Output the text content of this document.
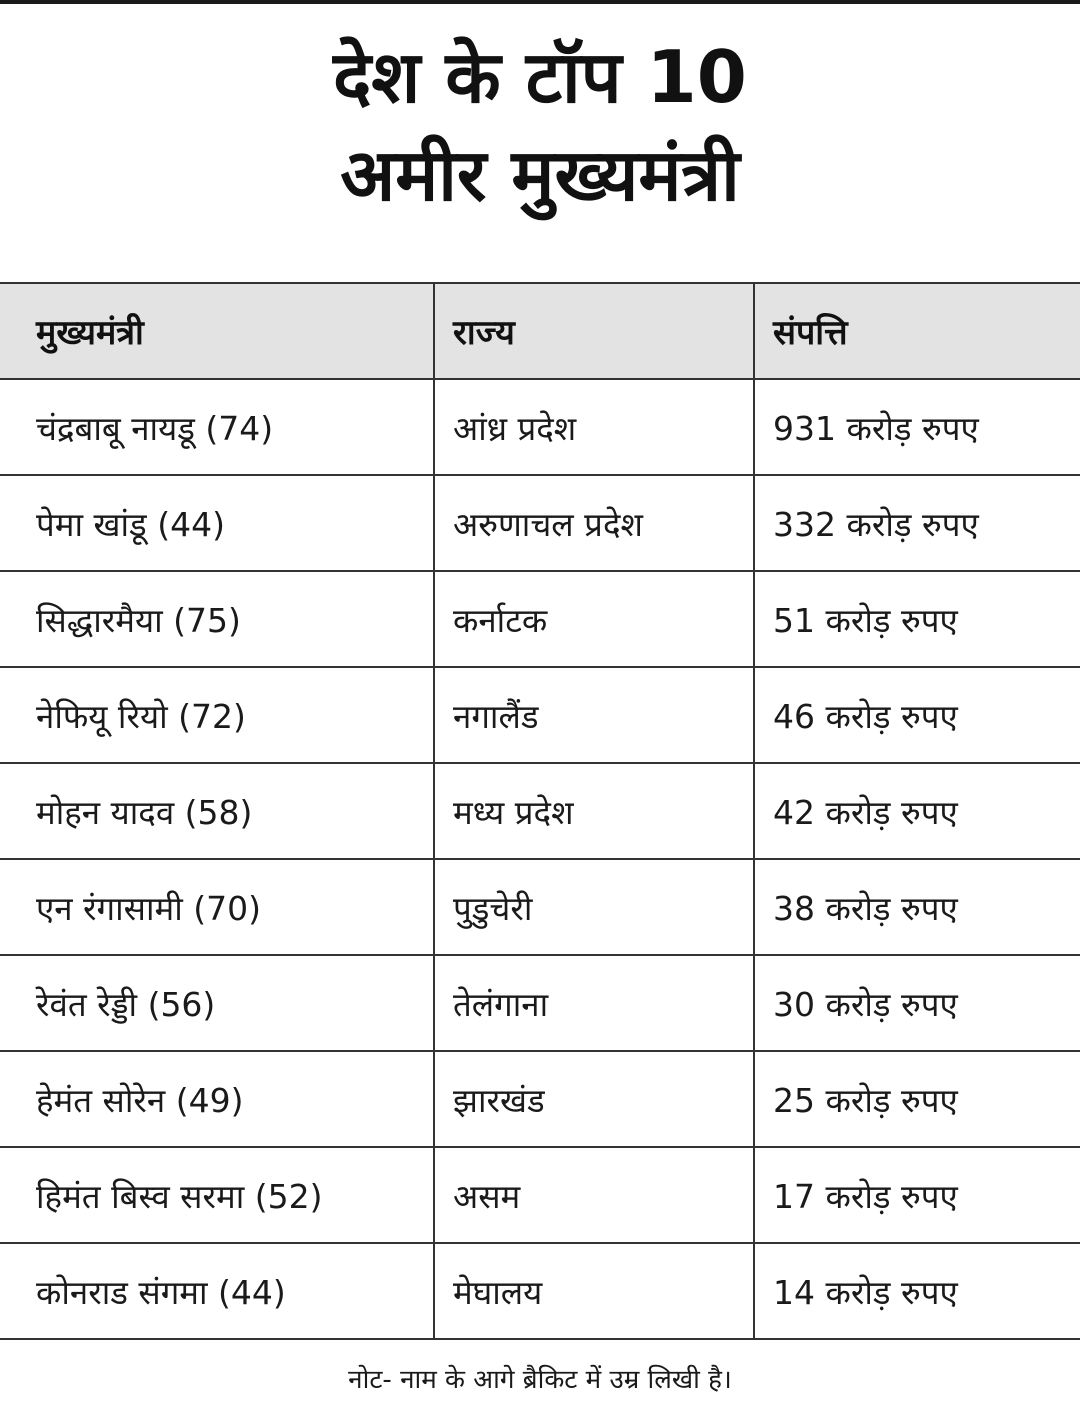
देश के टॉप 10
अमीर मुख्यमंत्री
मुख्यमंत्री	राज्य	संपत्ति
चंद्रबाबू नायडू (74)	आंध्र प्रदेश	931 करोड़ रुपए
पेमा खांडू (44)	अरुणाचल प्रदेश	332 करोड़ रुपए
सिद्धारमैया (75)	कर्नाटक	51 करोड़ रुपए
नेफियू रियो (72)	नगालैंड	46 करोड़ रुपए
मोहन यादव (58)	मध्य प्रदेश	42 करोड़ रुपए
एन रंगासामी (70)	पुडुचेरी	38 करोड़ रुपए
रेवंत रेड्डी (56)	तेलंगाना	30 करोड़ रुपए
हेमंत सोरेन (49)	झारखंड	25 करोड़ रुपए
हिमंत बिस्व सरमा (52)	असम	17 करोड़ रुपए
कोनराड संगमा (44)	मेघालय	14 करोड़ रुपए
नोट- नाम के आगे ब्रैकिट में उम्र लिखी है।
